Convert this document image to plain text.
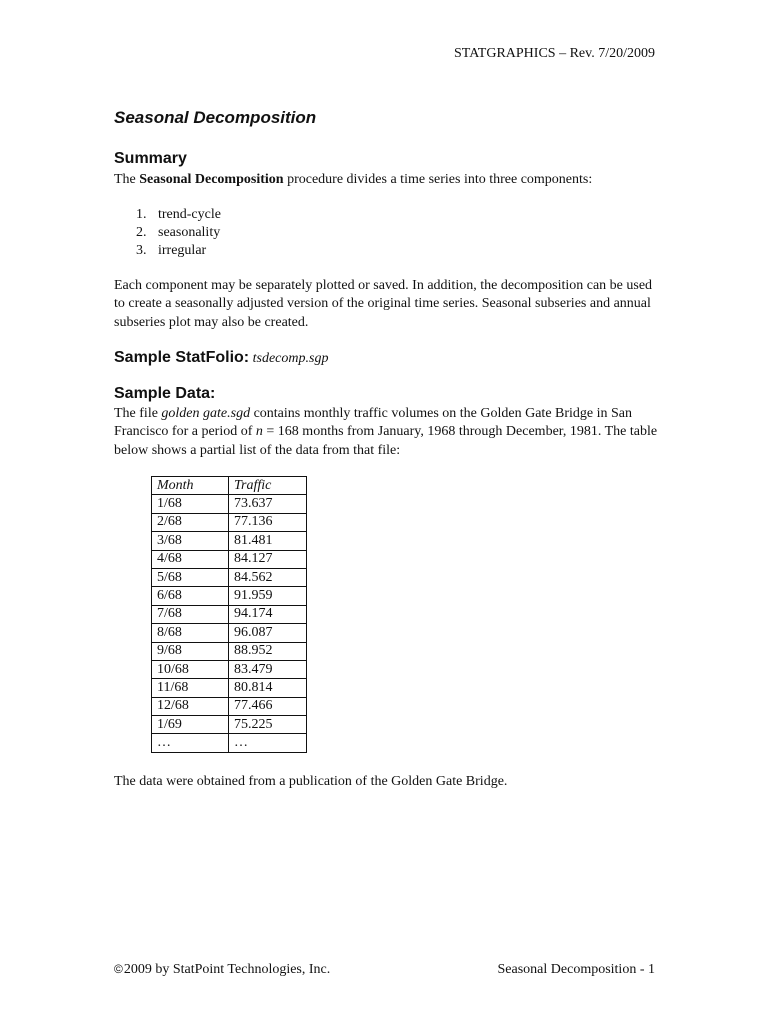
STATGRAPHICS – Rev. 7/20/2009
Seasonal Decomposition
Summary
The Seasonal Decomposition procedure divides a time series into three components:
1. trend-cycle
2. seasonality
3. irregular
Each component may be separately plotted or saved. In addition, the decomposition can be used to create a seasonally adjusted version of the original time series. Seasonal subseries and annual subseries plot may also be created.
Sample StatFolio: tsdecomp.sgp
Sample Data:
The file golden gate.sgd contains monthly traffic volumes on the Golden Gate Bridge in San Francisco for a period of n = 168 months from January, 1968 through December, 1981. The table below shows a partial list of the data from that file:
Month	Traffic
1/68	73.637
2/68	77.136
3/68	81.481
4/68	84.127
5/68	84.562
6/68	91.959
7/68	94.174
8/68	96.087
9/68	88.952
10/68	83.479
11/68	80.814
12/68	77.466
1/69	75.225
…	…
The data were obtained from a publication of the Golden Gate Bridge.
©2009 by StatPoint Technologies, Inc.	Seasonal Decomposition - 1
